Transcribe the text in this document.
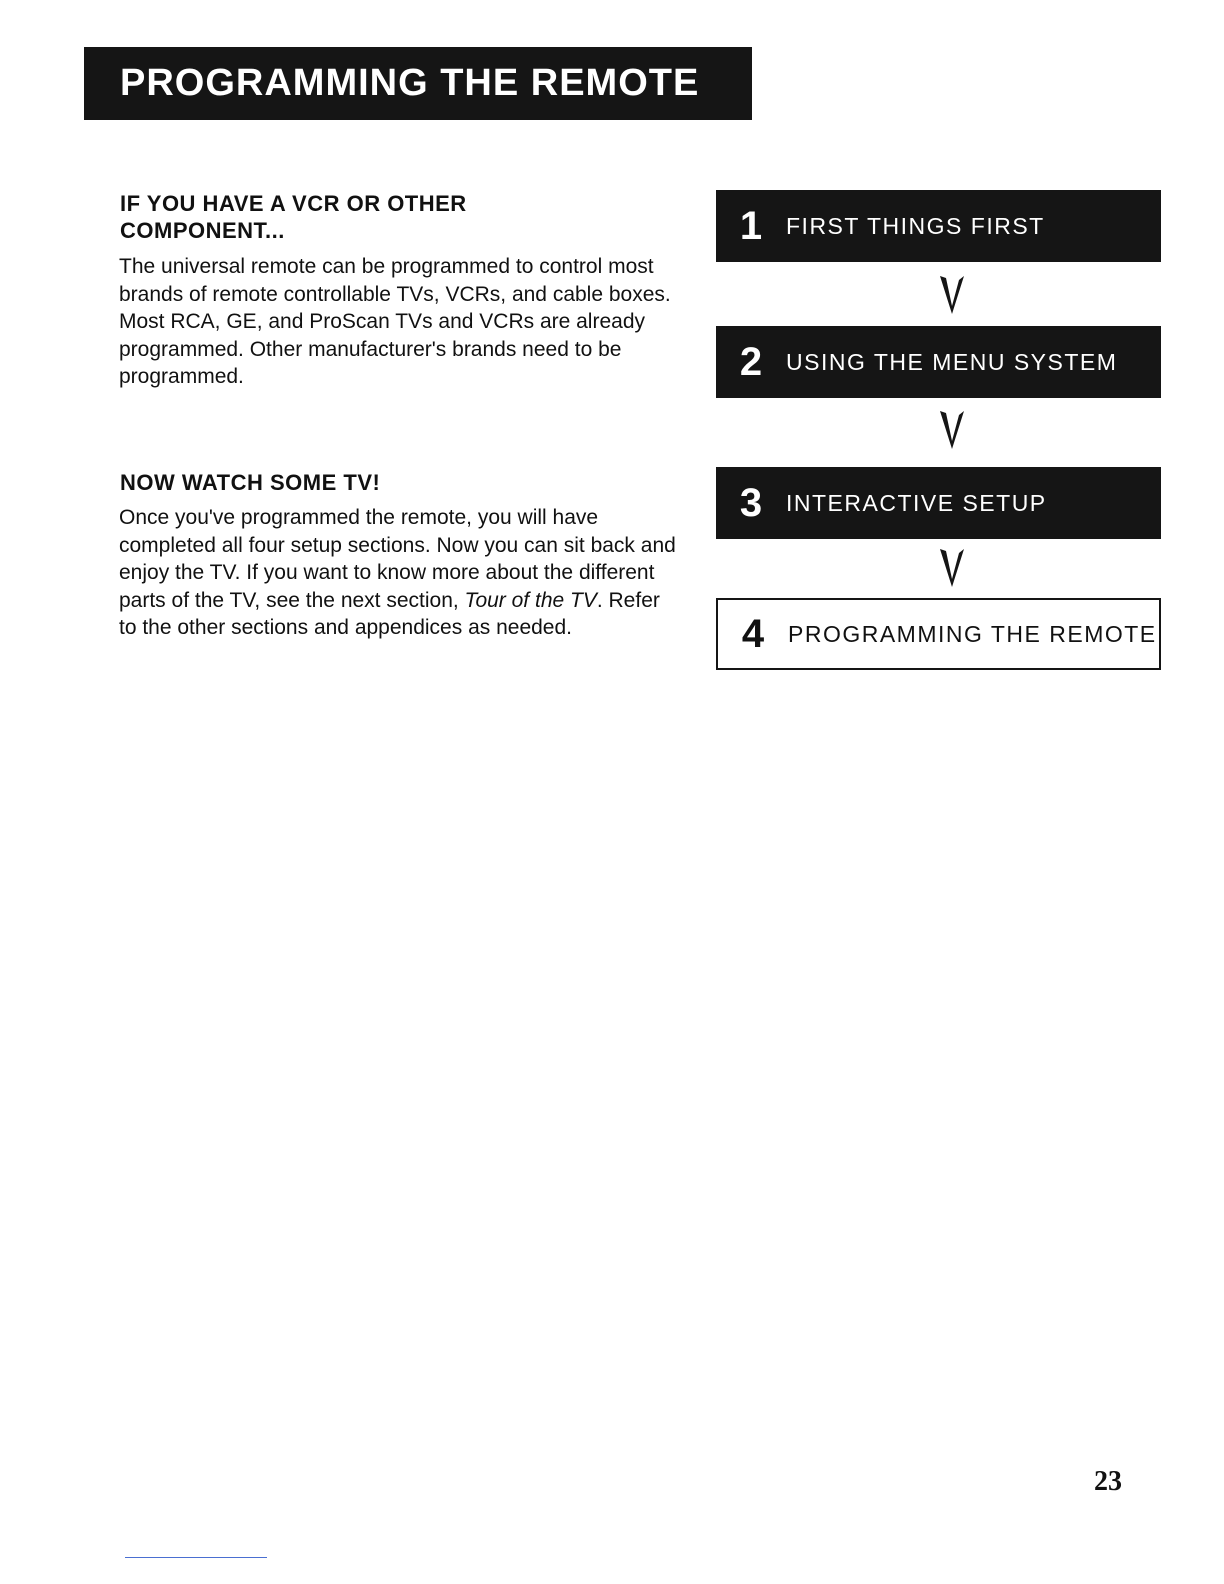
PROGRAMMING THE REMOTE
IF YOU HAVE A VCR OR OTHER COMPONENT...

The universal remote can be programmed to control most brands of remote controllable TVs, VCRs, and cable boxes. Most RCA, GE, and ProScan TVs and VCRs are already programmed. Other manufacturer's brands need to be programmed.

NOW WATCH SOME TV!

Once you've programmed the remote, you will have completed all four setup sections. Now you can sit back and enjoy the TV. If you want to know more about the different parts of the TV, see the next section, Tour of the TV. Refer to the other sections and appendices as needed.

1	FIRST THINGS FIRST
2	USING THE MENU SYSTEM
3	INTERACTIVE SETUP
4	PROGRAMMING THE REMOTE
23
